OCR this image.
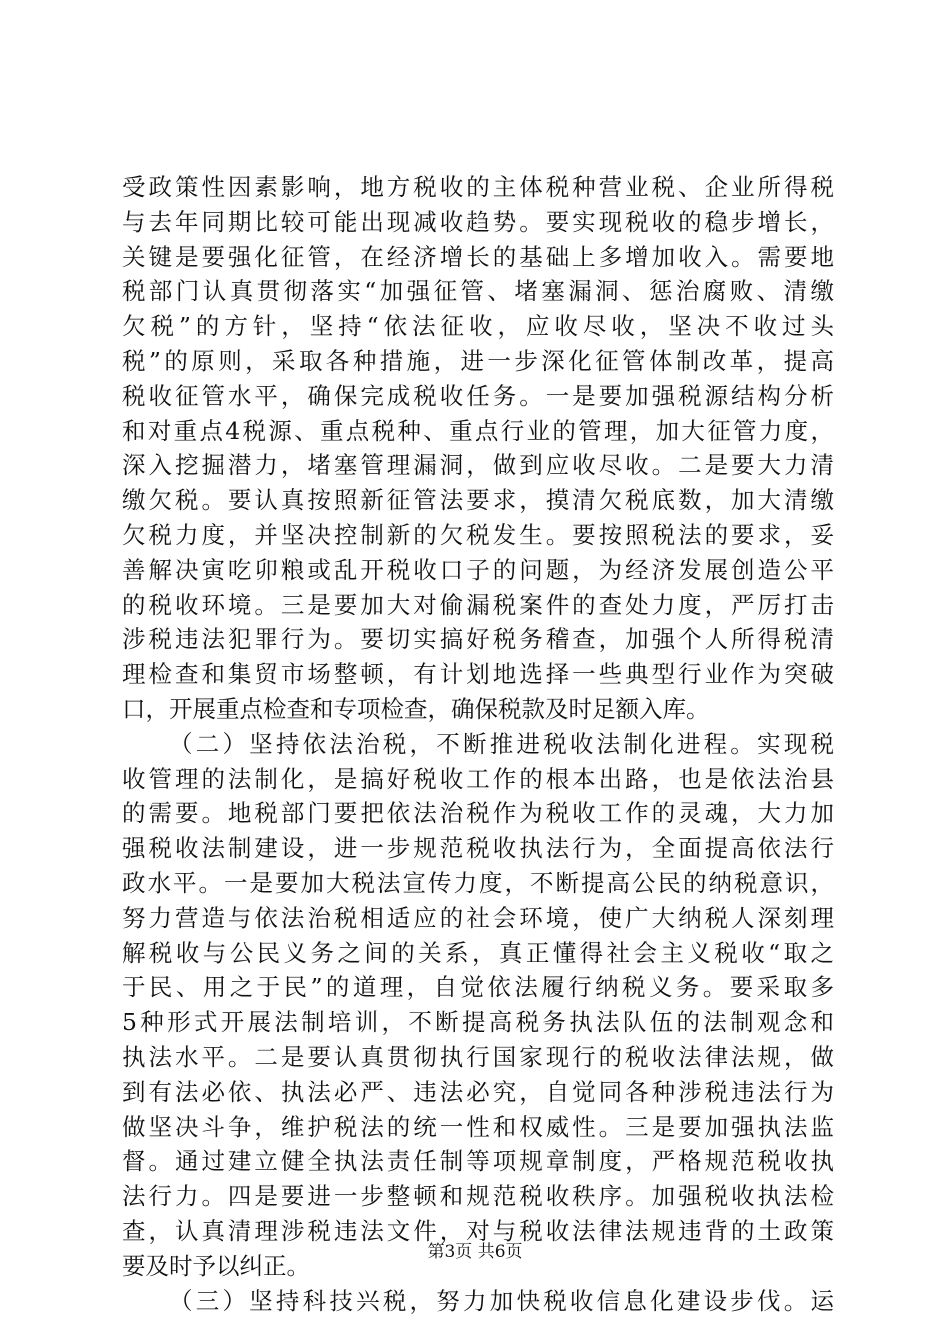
受政策性因素影响，地方税收的主体税种营业税、企业所得税
与去年同期比较可能出现减收趋势。要实现税收的稳步增长，
关键是要强化征管，在经济增长的基础上多增加收入。需要地
税部门认真贯彻落实“加强征管、堵塞漏洞、惩治腐败、清缴
欠税”的方针，坚持“依法征收，应收尽收，坚决不收过头
税”的原则，采取各种措施，进一步深化征管体制改革，提高
税收征管水平，确保完成税收任务。一是要加强税源结构分析
和对重点4税源、重点税种、重点行业的管理，加大征管力度，
深入挖掘潜力，堵塞管理漏洞，做到应收尽收。二是要大力清
缴欠税。要认真按照新征管法要求，摸清欠税底数，加大清缴
欠税力度，并坚决控制新的欠税发生。要按照税法的要求，妥
善解决寅吃卯粮或乱开税收口子的问题，为经济发展创造公平
的税收环境。三是要加大对偷漏税案件的查处力度，严厉打击
涉税违法犯罪行为。要切实搞好税务稽查，加强个人所得税清
理检查和集贸市场整顿，有计划地选择一些典型行业作为突破
口，开展重点检查和专项检查，确保税款及时足额入库。
（二）坚持依法治税，不断推进税收法制化进程。实现税
收管理的法制化，是搞好税收工作的根本出路，也是依法治县
的需要。地税部门要把依法治税作为税收工作的灵魂，大力加
强税收法制建设，进一步规范税收执法行为，全面提高依法行
政水平。一是要加大税法宣传力度，不断提高公民的纳税意识，
努力营造与依法治税相适应的社会环境，使广大纳税人深刻理
解税收与公民义务之间的关系，真正懂得社会主义税收“取之
于民、用之于民”的道理，自觉依法履行纳税义务。要采取多
5种形式开展法制培训，不断提高税务执法队伍的法制观念和
执法水平。二是要认真贯彻执行国家现行的税收法律法规，做
到有法必依、执法必严、违法必究，自觉同各种涉税违法行为
做坚决斗争，维护税法的统一性和权威性。三是要加强执法监
督。通过建立健全执法责任制等项规章制度，严格规范税收执
法行力。四是要进一步整顿和规范税收秩序。加强税收执法检
查，认真清理涉税违法文件，对与税收法律法规违背的土政策
要及时予以纠正。
（三）坚持科技兴税，努力加快税收信息化建设步伐。运
第3页 共6页
